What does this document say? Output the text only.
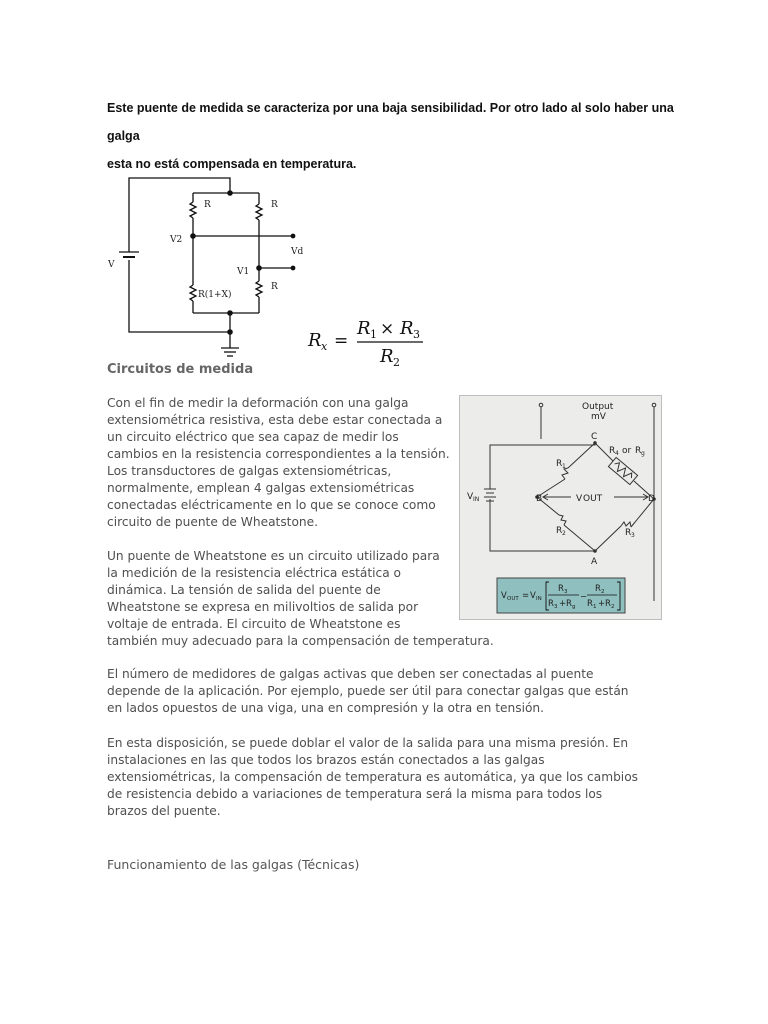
Este puente de medida se caracteriza por una baja sensibilidad. Por otro lado al solo haber una galga
esta no está compensada en temperatura.
R	R
R(1+X)
R
V
V2
V1
Vd
R x =
R 1 × R 3
R 2
Circuitos de medida
Con el fin de medir la deformación con una galga
extensiométrica resistiva, esta debe estar conectada a
un circuito eléctrico que sea capaz de medir los
cambios en la resistencia correspondientes a la tensión.
Los transductores de galgas extensiométricas,
normalmente, emplean 4 galgas extensiométricas
conectadas eléctricamente en lo que se conoce como
circuito de puente de Wheatstone.
Un puente de Wheatstone es un circuito utilizado para
la medición de la resistencia eléctrica estática o
dinámica. La tensión de salida del puente de
Wheatstone se expresa en milivoltios de salida por
voltaje de entrada. El circuito de Wheatstone es
también muy adecuado para la compensación de temperatura.
El número de medidores de galgas activas que deben ser conectadas al puente
depende de la aplicación. Por ejemplo, puede ser útil para conectar galgas que están
en lados opuestos de una viga, una en compresión y la otra en tensión.
En esta disposición, se puede doblar el valor de la salida para una misma presión. En
instalaciones en las que todos los brazos están conectados a las galgas
extensiométricas, la compensación de temperatura es automática, ya que los cambios
de resistencia debido a variaciones de temperatura será la misma para todos los
brazos del puente.
Funcionamiento de las galgas (Técnicas)
Output
mV
C
B	D
A
V IN	V OUT
R 1
R 2	R 3
R 4 or R g
V OUT = V IN
R 3
R 3 + R g
−
R 2
R 1 + R 2
